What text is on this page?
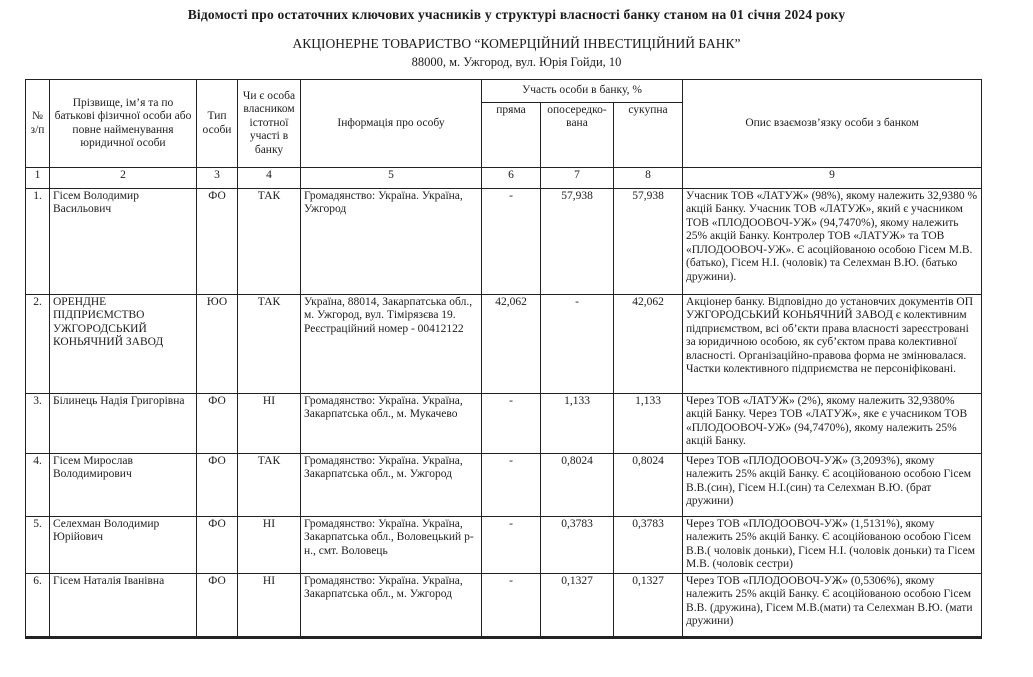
Відомості про остаточних ключових учасників у структурі власності банку станом на 01 січня 2024 року
АКЦІОНЕРНЕ ТОВАРИСТВО “КОМЕРЦІЙНИЙ ІНВЕСТИЦІЙНИЙ БАНК”
88000, м. Ужгород, вул. Юрія Гойди, 10
№ з/п	Прізвище, ім’я та по батькові фізичної особи або повне найменування юридичної особи	Тип особи	Чи є особа власником істотної участі в банку	Інформація про особу	Участь особи в банку, %			Опис взаємозв’язку особи з банком
					пряма	опосередко-вана	сукупна	
1	2	3	4	5	6	7	8	9
1.	Гісем Володимир Васильович	ФО	ТАК	Громадянство: Україна. Україна, Ужгород	-	57,938	57,938	Учасник ТОВ «ЛАТУЖ» (98%), якому належить 32,9380 % акцій Банку. Учасник ТОВ «ЛАТУЖ», який є учасником ТОВ «ПЛОДООВОЧ-УЖ» (94,7470%), якому належить 25% акцій Банку. Контролер ТОВ «ЛАТУЖ» та ТОВ «ПЛОДООВОЧ-УЖ». Є асоційованою особою Гісем М.В. (батько), Гісем Н.І. (чоловік) та Селехман В.Ю. (батько дружини).
2.	ОРЕНДНЕ ПІДПРИЄМСТВО УЖГОРОДСЬКИЙ КОНЬЯЧНИЙ ЗАВОД	ЮО	ТАК	Україна, 88014, Закарпатська обл., м. Ужгород, вул. Тімірязєва 19. Реєстраційний номер - 00412122	42,062	-	42,062	Акціонер банку. Відповідно до установчих документів ОП УЖГОРОДСЬКИЙ КОНЬЯЧНИЙ ЗАВОД є колективним підприємством, всі об’єкти права власності зареєстровані за юридичною особою, як суб’єктом права колективної власності. Організаційно-правова форма не змінювалася. Частки колективного підприємства не персоніфіковані.
3.	Білинець Надія Григорівна	ФО	НІ	Громадянство: Україна. Україна, Закарпатська обл., м. Мукачево	-	1,133	1,133	Через ТОВ «ЛАТУЖ» (2%), якому належить 32,9380% акцій Банку. Через ТОВ «ЛАТУЖ», яке є учасником ТОВ «ПЛОДООВОЧ-УЖ» (94,7470%), якому належить 25% акцій Банку.
4.	Гісем Мирослав Володимирович	ФО	ТАК	Громадянство: Україна. Україна, Закарпатська обл., м. Ужгород	-	0,8024	0,8024	Через ТОВ «ПЛОДООВОЧ-УЖ» (3,2093%), якому належить 25% акцій Банку. Є асоційованою особою Гісем В.В.(син), Гісем Н.І.(син) та Селехман В.Ю. (брат дружини)
5.	Селехман Володимир Юрійович	ФО	НІ	Громадянство: Україна. Україна, Закарпатська обл., Воловецький р-н., смт. Воловець	-	0,3783	0,3783	Через ТОВ «ПЛОДООВОЧ-УЖ» (1,5131%), якому належить 25% акцій Банку. Є асоційованою особою Гісем В.В.( чоловік доньки), Гісем Н.І. (чоловік доньки) та Гісем М.В. (чоловік сестри)
6.	Гісем Наталія Іванівна	ФО	НІ	Громадянство: Україна. Україна, Закарпатська обл., м. Ужгород	-	0,1327	0,1327	Через ТОВ «ПЛОДООВОЧ-УЖ» (0,5306%), якому належить 25% акцій Банку. Є асоційованою особою Гісем В.В. (дружина), Гісем М.В.(мати) та Селехман В.Ю. (мати дружини)
